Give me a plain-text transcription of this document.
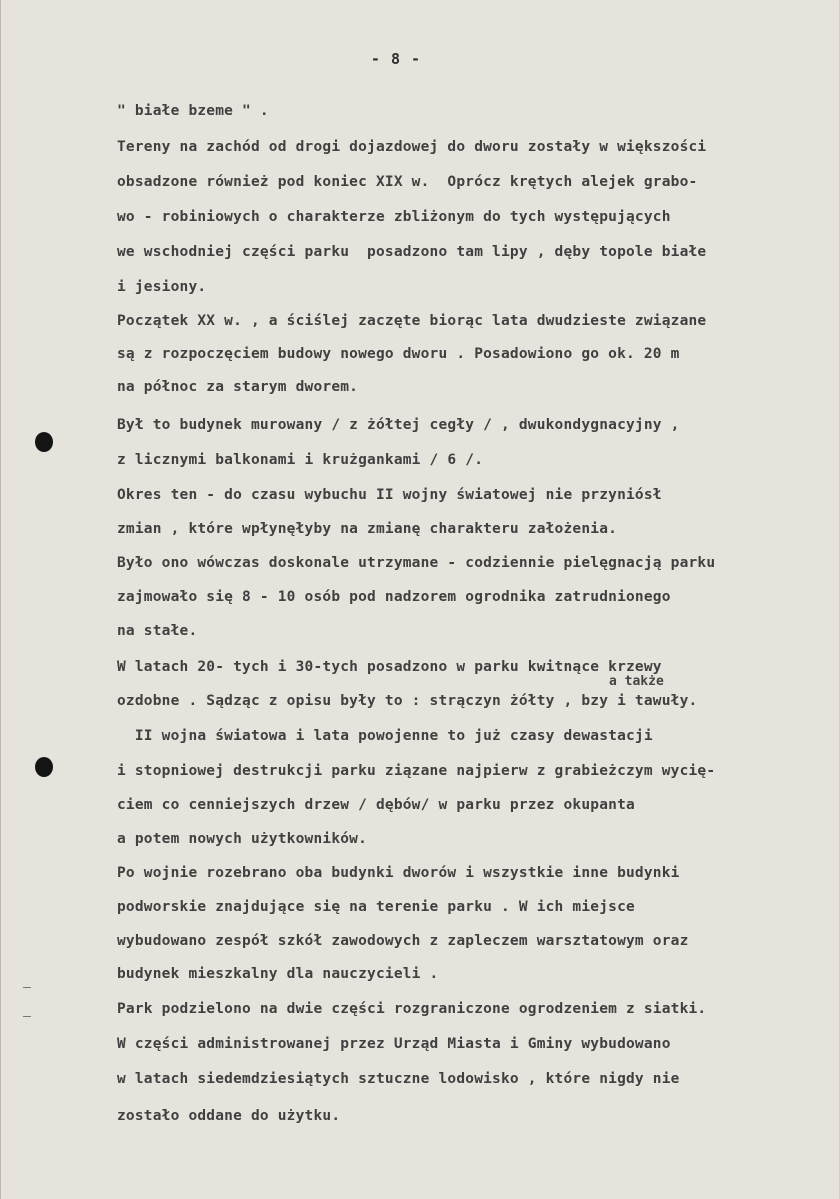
- 8 -
a także
" białe bzeme " .
Tereny na zachód od drogi dojazdowej do dworu zostały w większości
obsadzone również pod koniec XIX w.  Oprócz krętych alejek grabo-
wo - robiniowych o charakterze zbliżonym do tych występujących
we wschodniej części parku  posadzono tam lipy , dęby topole białe
i jesiony.
Początek XX w. , a ściślej zaczęte biorąc lata dwudzieste związane
są z rozpoczęciem budowy nowego dworu . Posadowiono go ok. 20 m
na północ za starym dworem.
Był to budynek murowany / z żółtej cegły / , dwukondygnacyjny ,
z licznymi balkonami i krużgankami / 6 /.
Okres ten - do czasu wybuchu II wojny światowej nie przyniósł
zmian , które wpłynęłyby na zmianę charakteru założenia.
Było ono wówczas doskonale utrzymane - codziennie pielęgnacją parku
zajmowało się 8 - 10 osób pod nadzorem ogrodnika zatrudnionego
na stałe.
W latach 20- tych i 30-tych posadzono w parku kwitnące krzewy
ozdobne . Sądząc z opisu były to : strączyn żółty , bzy i tawuły.
II wojna światowa i lata powojenne to już czasy dewastacji
i stopniowej destrukcji parku ziązane najpierw z grabieżczym wycię-
ciem co cenniejszych drzew / dębów/ w parku przez okupanta
a potem nowych użytkowników.
Po wojnie rozebrano oba budynki dworów i wszystkie inne budynki
podworskie znajdujące się na terenie parku . W ich miejsce
wybudowano zespół szkół zawodowych z zapleczem warsztatowym oraz
budynek mieszkalny dla nauczycieli .
Park podzielono na dwie części rozgraniczone ogrodzeniem z siatki.
W części administrowanej przez Urząd Miasta i Gminy wybudowano
w latach siedemdziesiątych sztuczne lodowisko , które nigdy nie
zostało oddane do użytku.
